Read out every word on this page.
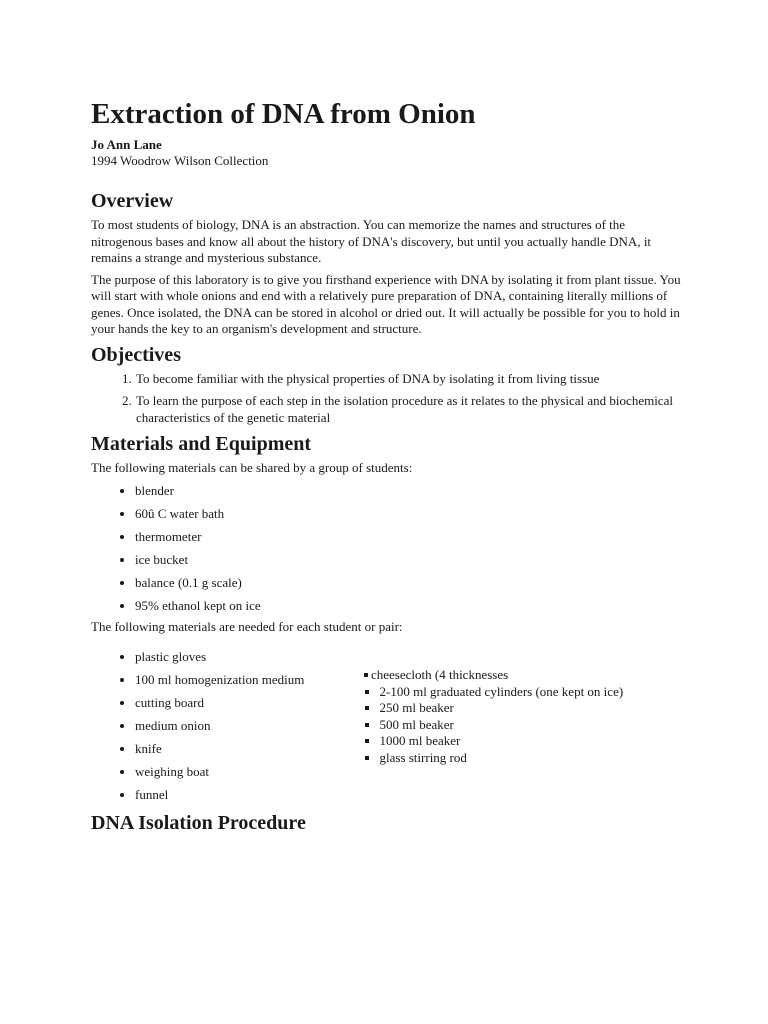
Extraction of DNA from Onion
Jo Ann Lane
1994 Woodrow Wilson Collection
Overview

To most students of biology, DNA is an abstraction. You can memorize the names and structures of the nitrogenous bases and know all about the history of DNA's discovery, but until you actually handle DNA, it remains a strange and mysterious substance.

The purpose of this laboratory is to give you firsthand experience with DNA by isolating it from plant tissue. You will start with whole onions and end with a relatively pure preparation of DNA, containing literally millions of genes. Once isolated, the DNA can be stored in alcohol or dried out. It will actually be possible for you to hold in your hands the key to an organism's development and structure.

Objectives
1. To become familiar with the physical properties of DNA by isolating it from living tissue
2. To learn the purpose of each step in the isolation procedure as it relates to the physical and biochemical characteristics of the genetic material
Materials and Equipment

The following materials can be shared by a group of students:

• blender
• 60û C water bath
• thermometer
• ice bucket
• balance (0.1 g scale)
• 95% ethanol kept on ice

The following materials are needed for each student or pair:

• plastic gloves
• 100 ml homogenization medium
• cutting board
• medium onion
• knife
• weighing boat
• funnel
cheesecloth (4 thicknesses
2-100 ml graduated cylinders (one kept on ice)
250 ml beaker
500 ml beaker
1000 ml beaker
glass stirring rod
DNA Isolation Procedure
